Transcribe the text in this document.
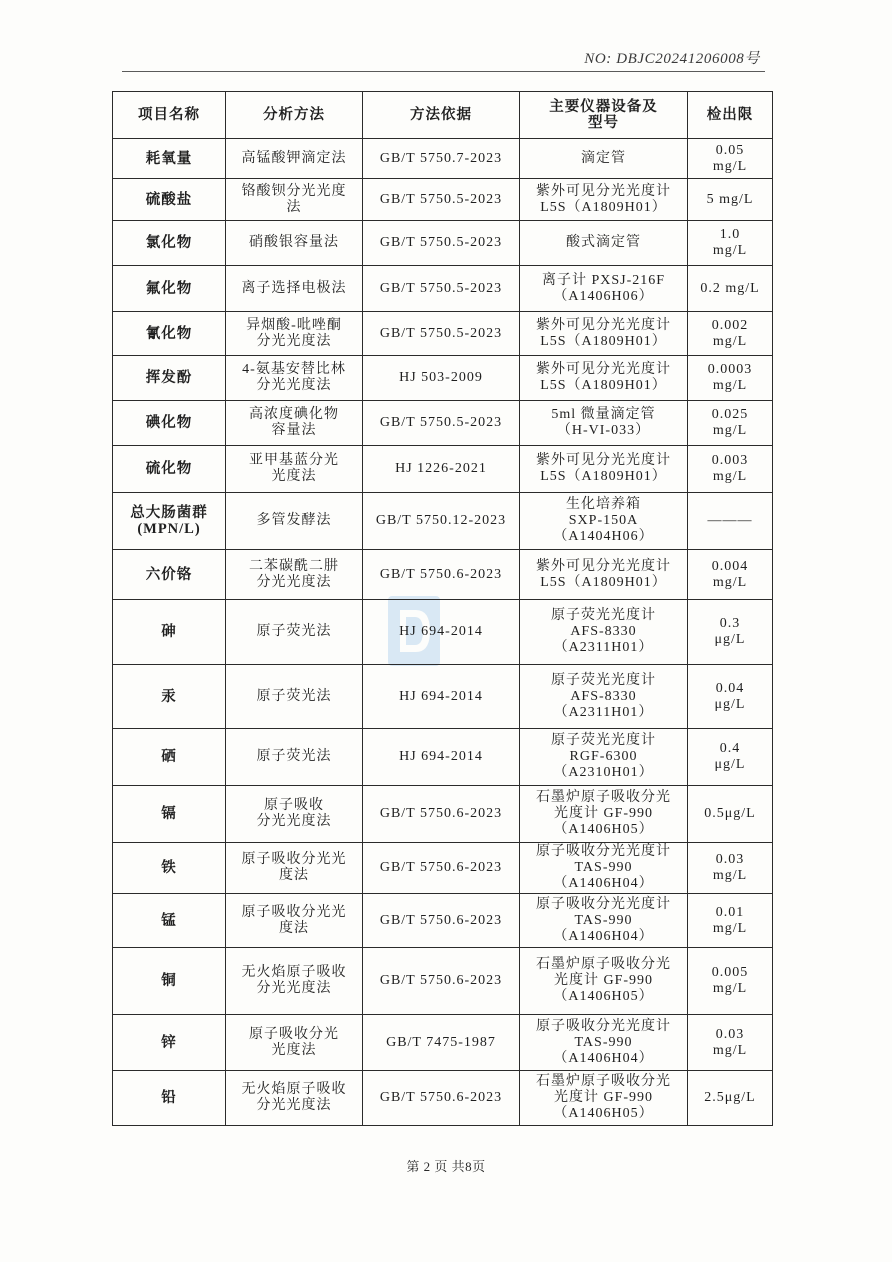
NO: DBJC20241206008号
项目名称	分析方法	方法依据	主要仪器设备及
型号	检出限

耗氧量	高锰酸钾滴定法	GB/T 5750.7-2023	滴定管	0.05
mg/L

硫酸盐	铬酸钡分光光度
法	GB/T 5750.5-2023	紫外可见分光光度计
L5S（A1809H01）	5 mg/L

氯化物	硝酸银容量法	GB/T 5750.5-2023	酸式滴定管	1.0
mg/L

氟化物	离子选择电极法	GB/T 5750.5-2023	离子计 PXSJ-216F
（A1406H06）	0.2 mg/L

氰化物	异烟酸-吡唑酮
分光光度法	GB/T 5750.5-2023	紫外可见分光光度计
L5S（A1809H01）	0.002
mg/L

挥发酚	4-氨基安替比林
分光光度法	HJ 503-2009	紫外可见分光光度计
L5S（A1809H01）	0.0003
mg/L

碘化物	高浓度碘化物
容量法	GB/T 5750.5-2023	5ml 微量滴定管
（H-VI-033）	0.025
mg/L

硫化物	亚甲基蓝分光
光度法	HJ 1226-2021	紫外可见分光光度计
L5S（A1809H01）	0.003
mg/L

总大肠菌群
(MPN/L)	多管发酵法	GB/T 5750.12-2023	生化培养箱
SXP-150A
（A1404H06）	———

六价铬	二苯碳酰二肼
分光光度法	GB/T 5750.6-2023	紫外可见分光光度计
L5S（A1809H01）	0.004
mg/L

砷	原子荧光法	HJ 694-2014	原子荧光光度计
AFS-8330
（A2311H01）	0.3
μg/L

汞	原子荧光法	HJ 694-2014	原子荧光光度计
AFS-8330
（A2311H01）	0.04
μg/L

硒	原子荧光法	HJ 694-2014	原子荧光光度计
RGF-6300
（A2310H01）	0.4
μg/L

镉	原子吸收
分光光度法	GB/T 5750.6-2023	石墨炉原子吸收分光
光度计 GF-990
（A1406H05）	0.5μg/L

铁	原子吸收分光光
度法	GB/T 5750.6-2023	原子吸收分光光度计
TAS-990
（A1406H04）	0.03
mg/L

锰	原子吸收分光光
度法	GB/T 5750.6-2023	原子吸收分光光度计
TAS-990
（A1406H04）	0.01
mg/L

铜	无火焰原子吸收
分光光度法	GB/T 5750.6-2023	石墨炉原子吸收分光
光度计 GF-990
（A1406H05）	0.005
mg/L

锌	原子吸收分光
光度法	GB/T 7475-1987	原子吸收分光光度计
TAS-990
（A1406H04）	0.03
mg/L

铅	无火焰原子吸收
分光光度法	GB/T 5750.6-2023	石墨炉原子吸收分光
光度计 GF-990
（A1406H05）	2.5μg/L
第 2 页 共8页
